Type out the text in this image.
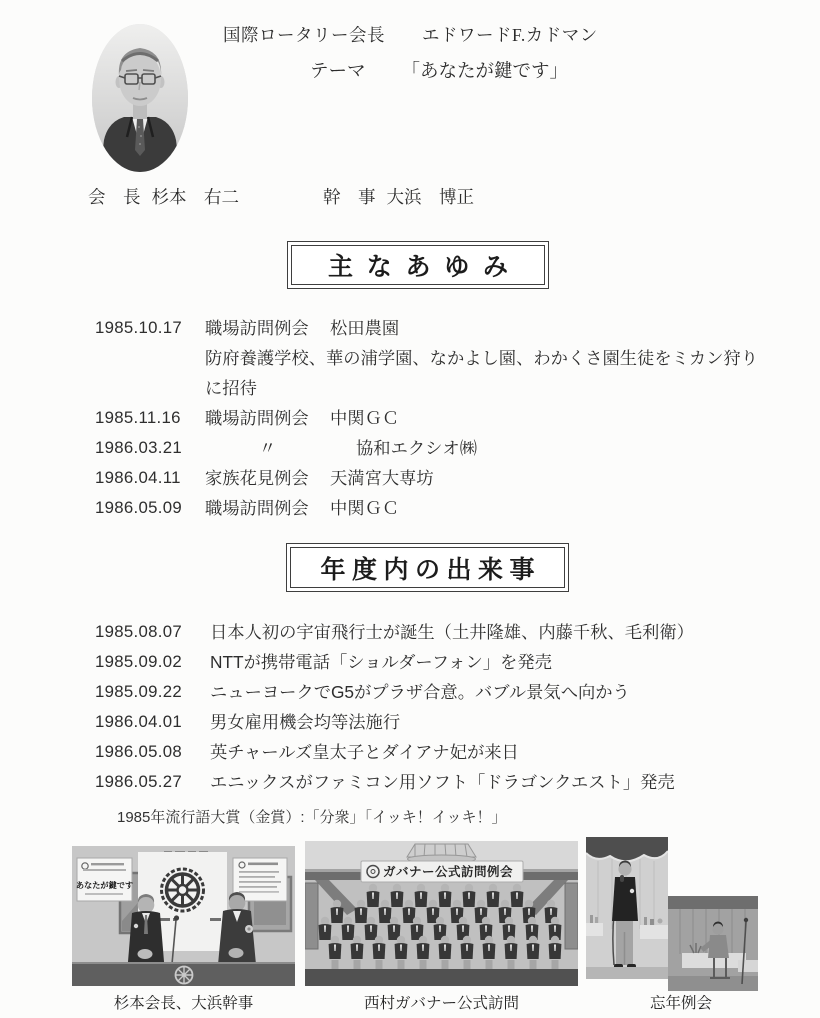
国際ロータリー会長 エドワードF.カドマン
テーマ 「あなたが鍵です」
会　長 杉本　右二	幹　事 大浜　博正
主なあゆみ
1985.10.17	職場訪問例会	松田農園
防府養護学校、華の浦学園、なかよし園、わかくさ園生徒をミカン狩り
に招待
1985.11.16	職場訪問例会	中関ＧＣ
1986.03.21	〃	協和エクシオ㈱
1986.04.11	家族花見例会	天満宮大専坊
1986.05.09	職場訪問例会	中関ＧＣ
年度内の出来事
1985.08.07	日本人初の宇宙飛行士が誕生（土井隆雄、内藤千秋、毛利衛）
1985.09.02	NTTが携帯電話「ショルダーフォン」を発売
1985.09.22	ニューヨークでG5がプラザ合意。バブル景気へ向かう
1986.04.01	男女雇用機会均等法施行
1986.05.08	英チャールズ皇太子とダイアナ妃が来日
1986.05.27	エニックスがファミコン用ソフト「ドラゴンクエスト」発売
1985年流行語大賞（金賞）:「分衆」「イッキ！イッキ！」
あなたが鍵です
ガバナー公式訪問例会
杉本会長、大浜幹事	西村ガバナー公式訪問	忘年例会
